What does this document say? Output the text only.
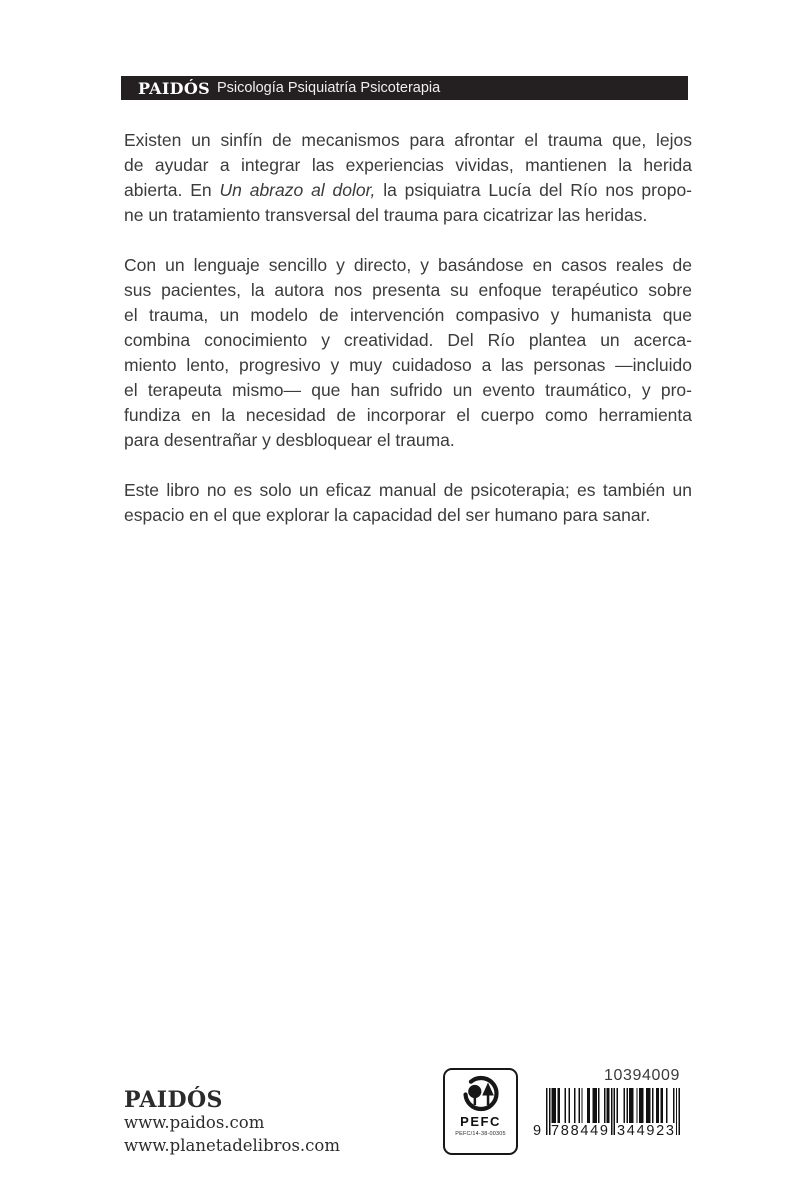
PAIDÓS Psicología Psiquiatría Psicoterapia
Existen un sinfín de mecanismos para afrontar el trauma que, lejos
de ayudar a integrar las experiencias vividas, mantienen la herida
abierta. En Un abrazo al dolor, la psiquiatra Lucía del Río nos propo-
ne un tratamiento transversal del trauma para cicatrizar las heridas.
Con un lenguaje sencillo y directo, y basándose en casos reales de
sus pacientes, la autora nos presenta su enfoque terapéutico sobre
el trauma, un modelo de intervención compasivo y humanista que
combina conocimiento y creatividad. Del Río plantea un acerca-
miento lento, progresivo y muy cuidadoso a las personas —incluido
el terapeuta mismo— que han sufrido un evento traumático, y pro-
fundiza en la necesidad de incorporar el cuerpo como herramienta
para desentrañar y desbloquear el trauma.
Este libro no es solo un eficaz manual de psicoterapia; es también un
espacio en el que explorar la capacidad del ser humano para sanar.
PAIDÓS
www.paidos.com
www.planetadelibros.com
PEFC
PEFC/14-38-00305
10394009
9 7 8 8 4 4 9 3 4 4 9 2 3
